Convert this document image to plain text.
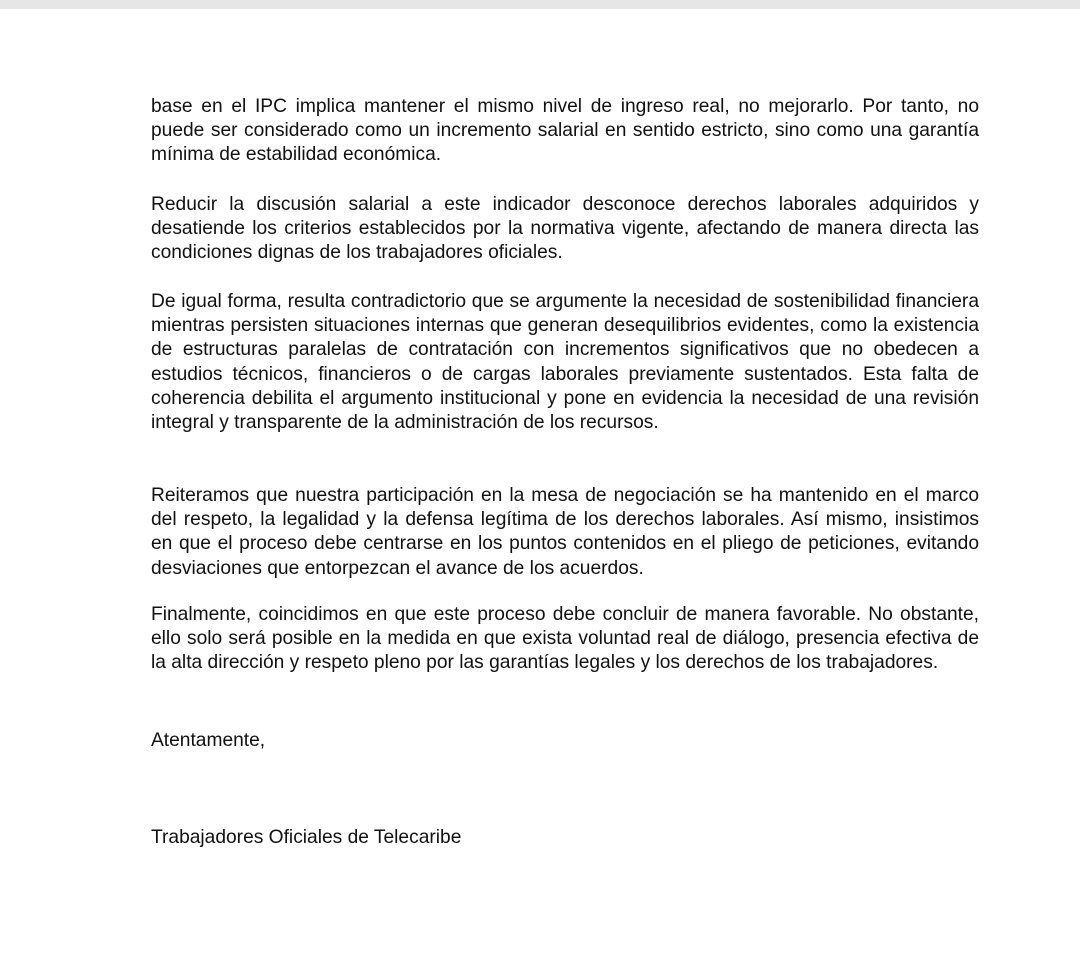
base en el IPC implica mantener el mismo nivel de ingreso real, no mejorarlo. Por tanto, no puede ser considerado como un incremento salarial en sentido estricto, sino como una garantía mínima de estabilidad económica.

Reducir la discusión salarial a este indicador desconoce derechos laborales adquiridos y desatiende los criterios establecidos por la normativa vigente, afectando de manera directa las condiciones dignas de los trabajadores oficiales.

De igual forma, resulta contradictorio que se argumente la necesidad de sostenibilidad financiera mientras persisten situaciones internas que generan desequilibrios evidentes, como la existencia de estructuras paralelas de contratación con incrementos significativos que no obedecen a estudios técnicos, financieros o de cargas laborales previamente sustentados. Esta falta de coherencia debilita el argumento institucional y pone en evidencia la necesidad de una revisión integral y transparente de la administración de los recursos.

Reiteramos que nuestra participación en la mesa de negociación se ha mantenido en el marco del respeto, la legalidad y la defensa legítima de los derechos laborales. Así mismo, insistimos en que el proceso debe centrarse en los puntos contenidos en el pliego de peticiones, evitando desviaciones que entorpezcan el avance de los acuerdos.

Finalmente, coincidimos en que este proceso debe concluir de manera favorable. No obstante, ello solo será posible en la medida en que exista voluntad real de diálogo, presencia efectiva de la alta dirección y respeto pleno por las garantías legales y los derechos de los trabajadores.

Atentamente,

Trabajadores Oficiales de Telecaribe
